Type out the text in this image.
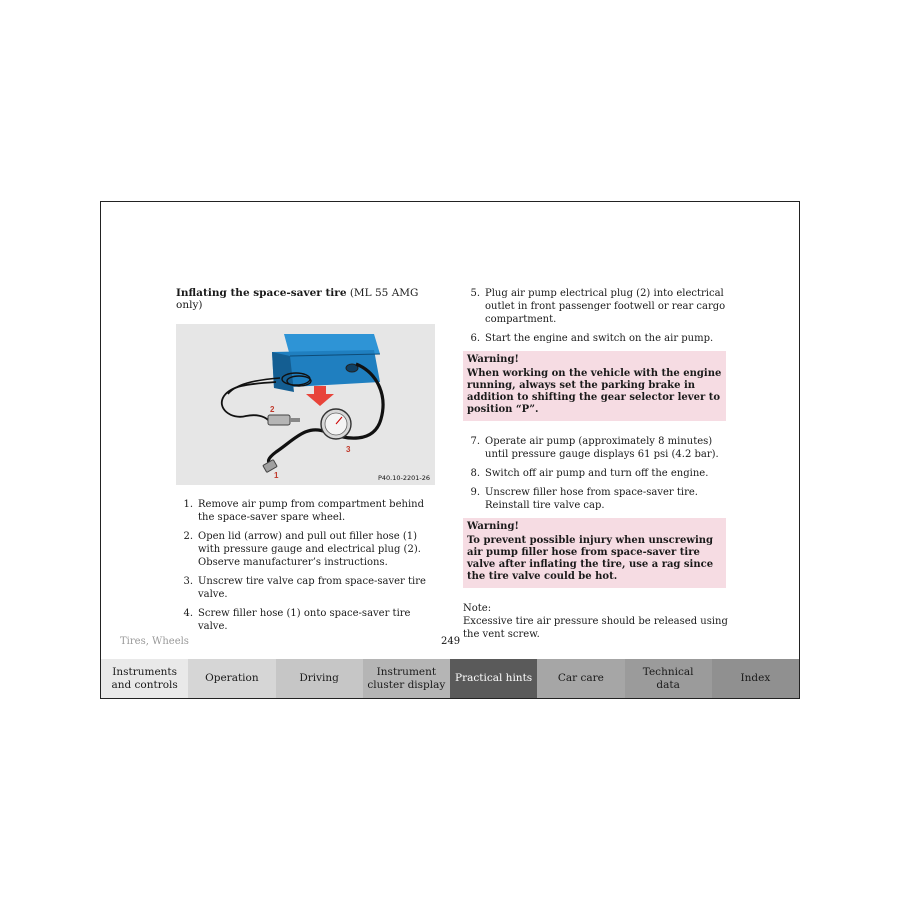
Inflating the space-saver tire (ML 55 AMG only)

2
3
1	P40.10-2201-26
1. Remove air pump from compartment behind the space-saver spare wheel.
2. Open lid (arrow) and pull out filler hose (1) with pressure gauge and electrical plug (2). Observe manufacturer’s instructions.
3. Unscrew tire valve cap from space-saver tire valve.
4. Screw filler hose (1) onto space-saver tire valve.
5. Plug air pump electrical plug (2) into electrical outlet in front passenger footwell or rear cargo compartment.
6. Start the engine and switch on the air pump.
Warning!
When working on the vehicle with the engine running, always set the parking brake in addition to shifting the gear selector lever to position “P”.
7. Operate air pump (approximately 8 minutes) until pressure gauge displays 61 psi (4.2 bar).
8. Switch off air pump and turn off the engine.
9. Unscrew filler hose from space-saver tire. Reinstall tire valve cap.
Warning!
To prevent possible injury when unscrewing air pump filler hose from space-saver tire valve after inflating the tire, use a rag since the tire valve could be hot.
Note:
Excessive tire air pressure should be released using the vent screw.
Tires, Wheels	249
Instruments
and controls
Operation	Driving
Instrument
cluster display
Practical hints Car care
Technical
data
Index
